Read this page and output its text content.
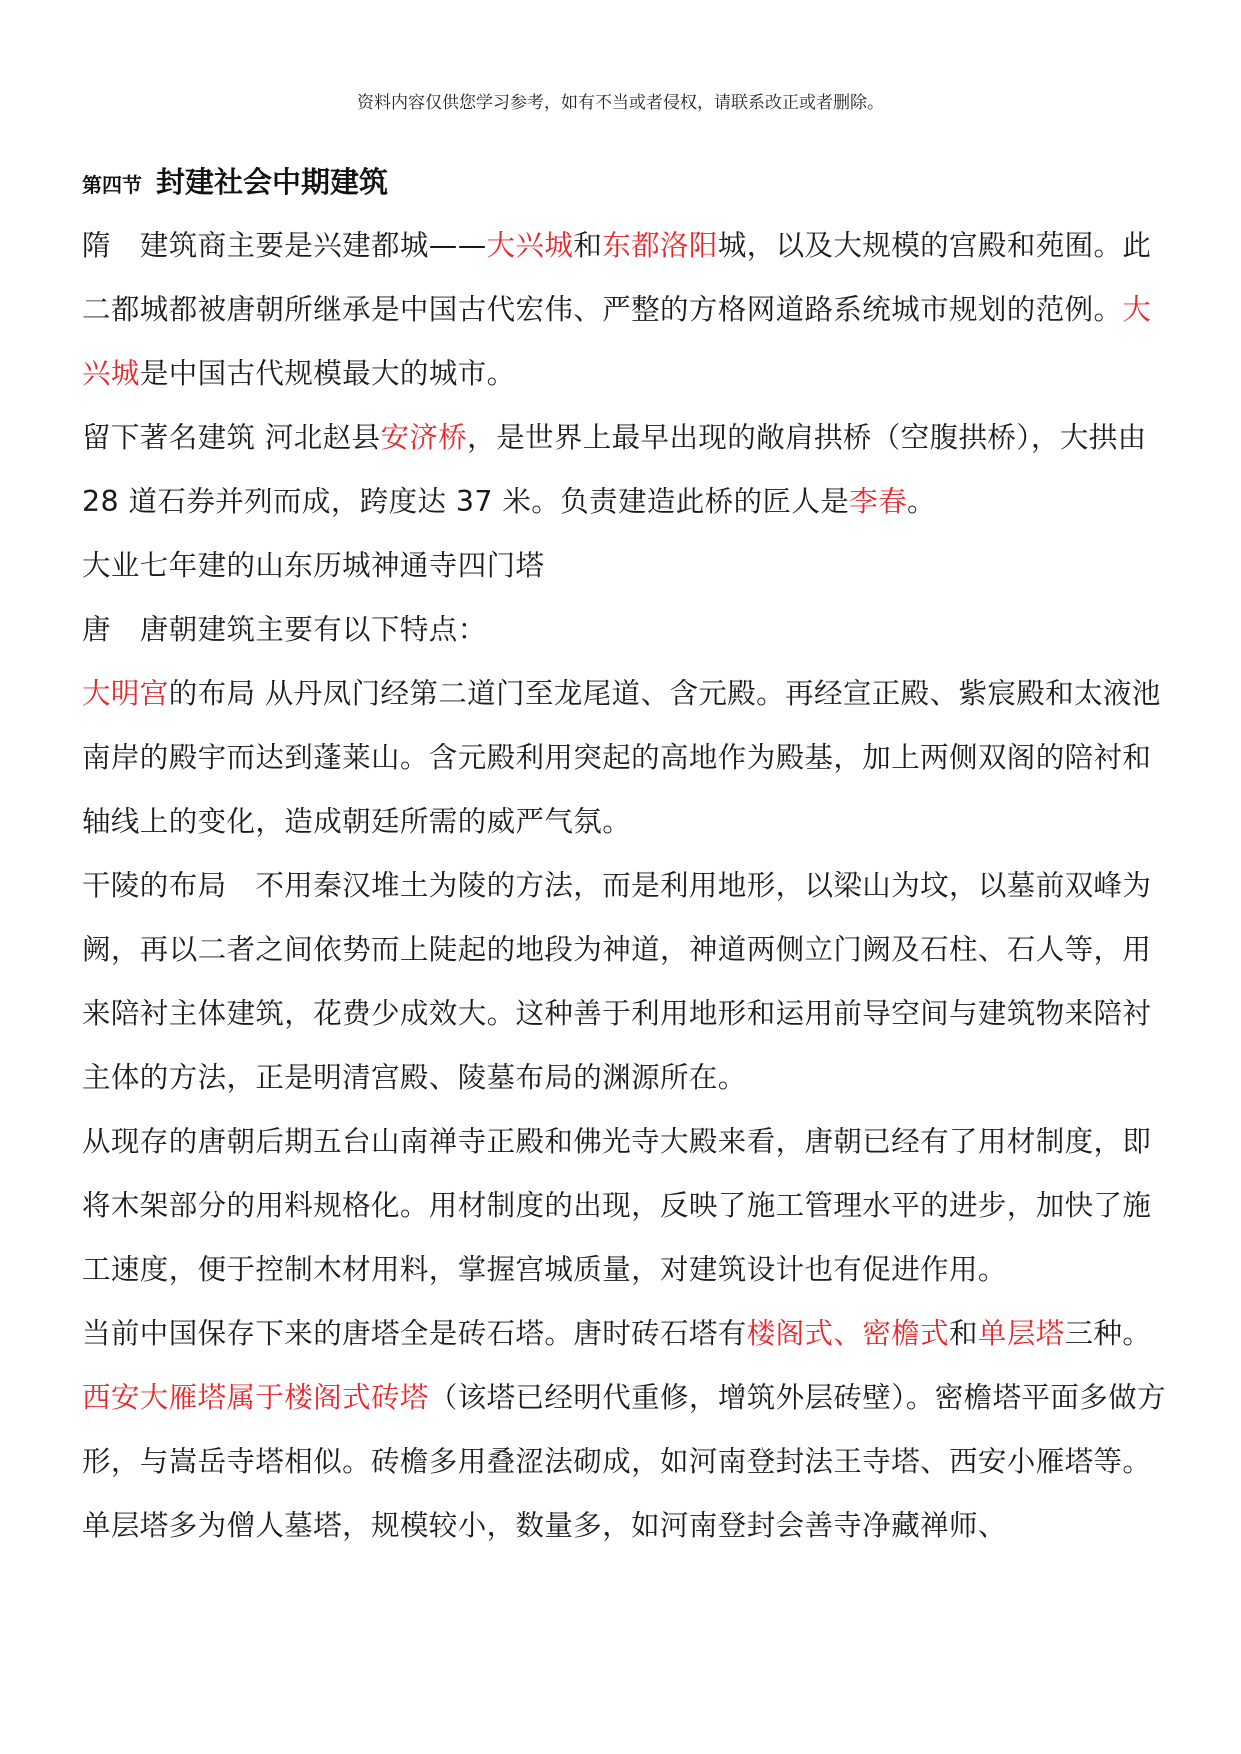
资料内容仅供您学习参考，如有不当或者侵权，请联系改正或者删除。
第四节 封建社会中期建筑

隋　建筑商主要是兴建都城——大兴城和东都洛阳城，以及大规模的宫殿和苑囿。此二都城都被唐朝所继承是中国古代宏伟、严整的方格网道路系统城市规划的范例。大兴城是中国古代规模最大的城市。

留下著名建筑 河北赵县安济桥，是世界上最早出现的敞肩拱桥（空腹拱桥），大拱由 28 道石券并列而成，跨度达 37 米。负责建造此桥的匠人是李春。

大业七年建的山东历城神通寺四门塔

唐　唐朝建筑主要有以下特点：

大明宫的布局 从丹凤门经第二道门至龙尾道、含元殿。再经宣正殿、紫宸殿和太液池南岸的殿宇而达到蓬莱山。含元殿利用突起的高地作为殿基，加上两侧双阁的陪衬和轴线上的变化，造成朝廷所需的威严气氛。

干陵的布局　不用秦汉堆土为陵的方法，而是利用地形，以梁山为坟，以墓前双峰为阙，再以二者之间依势而上陡起的地段为神道，神道两侧立门阙及石柱、石人等，用来陪衬主体建筑，花费少成效大。这种善于利用地形和运用前导空间与建筑物来陪衬主体的方法，正是明清宫殿、陵墓布局的渊源所在。

从现存的唐朝后期五台山南禅寺正殿和佛光寺大殿来看，唐朝已经有了用材制度，即将木架部分的用料规格化。用材制度的出现，反映了施工管理水平的进步，加快了施工速度，便于控制木材用料，掌握宫城质量，对建筑设计也有促进作用。

当前中国保存下来的唐塔全是砖石塔。唐时砖石塔有楼阁式、密檐式和单层塔三种。

西安大雁塔属于楼阁式砖塔（该塔已经明代重修，增筑外层砖壁）。密檐塔平面多做方形，与嵩岳寺塔相似。砖檐多用叠涩法砌成，如河南登封法王寺塔、西安小雁塔等。单层塔多为僧人墓塔，规模较小，数量多，如河南登封会善寺净藏禅师、
